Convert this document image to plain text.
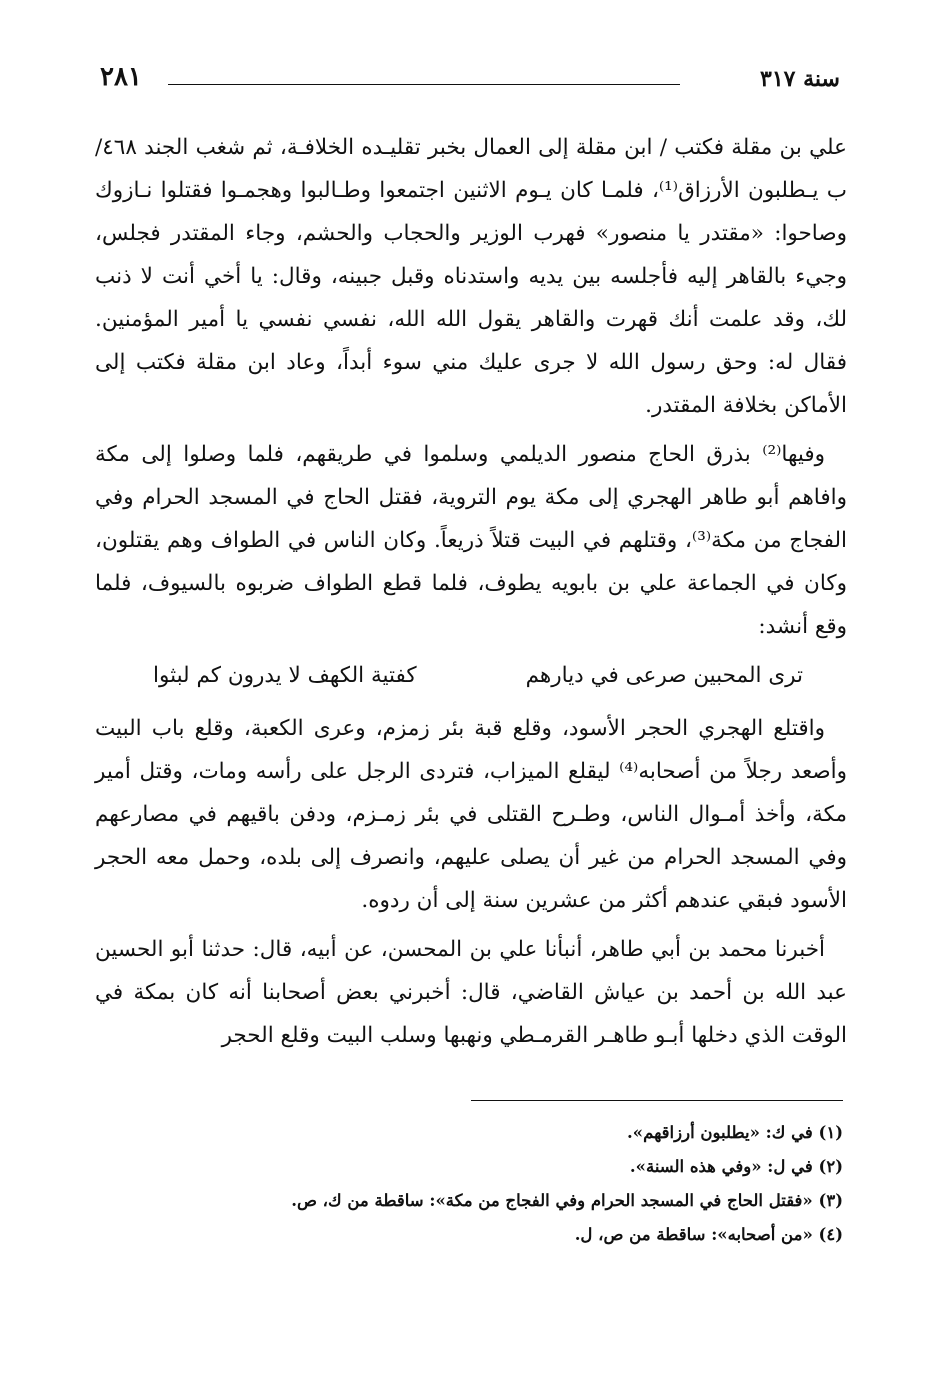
سنة ٣١٧
٢٨١

علي بن مقلة فكتب / ابن مقلة إلى العمال بخبر تقليـده الخلافـة، ثم شغب الجند ٤٦٨/ب يـطلبون الأرزاق⁽¹⁾، فلمـا كان يـوم الاثنين اجتمعوا وطـالبوا وهجمـوا فقتلوا نـازوك وصاحوا: «مقتدر يا منصور» فهرب الوزير والحجاب والحشم، وجاء المقتدر فجلس، وجيء بالقاهر إليه فأجلسه بين يديه واستدناه وقبل جبينه، وقال: يا أخي أنت لا ذنب لك، وقد علمت أنك قهرت والقاهر يقول الله الله، نفسي نفسي يا أمير المؤمنين. فقال له: وحق رسول الله لا جرى عليك مني سوء أبداً، وعاد ابن مقلة فكتب إلى الأماكن بخلافة المقتدر.

وفيها⁽²⁾ بذرق الحاج منصور الديلمي وسلموا في طريقهم، فلما وصلوا إلى مكة وافاهم أبو طاهر الهجري إلى مكة يوم التروية، فقتل الحاج في المسجد الحرام وفي الفجاج من مكة⁽³⁾، وقتلهم في البيت قتلاً ذريعاً. وكان الناس في الطواف وهم يقتلون، وكان في الجماعة علي بن بابويه يطوف، فلما قطع الطواف ضربوه بالسيوف، فلما وقع أنشد:

ترى المحبين صرعى في ديارهم
كفتية الكهف لا يدرون كم لبثوا

واقتلع الهجري الحجر الأسود، وقلع قبة بئر زمزم، وعرى الكعبة، وقلع باب البيت وأصعد رجلاً من أصحابه⁽⁴⁾ ليقلع الميزاب، فتردى الرجل على رأسه ومات، وقتل أمير مكة، وأخذ أمـوال الناس، وطـرح القتلى في بئر زمـزم، ودفن باقيهم في مصارعهم وفي المسجد الحرام من غير أن يصلى عليهم، وانصرف إلى بلده، وحمل معه الحجر الأسود فبقي عندهم أكثر من عشرين سنة إلى أن ردوه.

أخبرنا محمد بن أبي طاهر، أنبأنا علي بن المحسن، عن أبيه، قال: حدثنا أبو الحسين عبد الله بن أحمد بن عياش القاضي، قال: أخبرني بعض أصحابنا أنه كان بمكة في الوقت الذي دخلها أبـو طاهـر القرمـطي ونهبها وسلب البيت وقلع الحجر

(١) في ك: «يطلبون أرزاقهم».
(٢) في ل: «وفي هذه السنة».
(٣) «فقتل الحاج في المسجد الحرام وفي الفجاج من مكة»: ساقطة من ك، ص.
(٤) «من أصحابه»: ساقطة من ص، ل.
